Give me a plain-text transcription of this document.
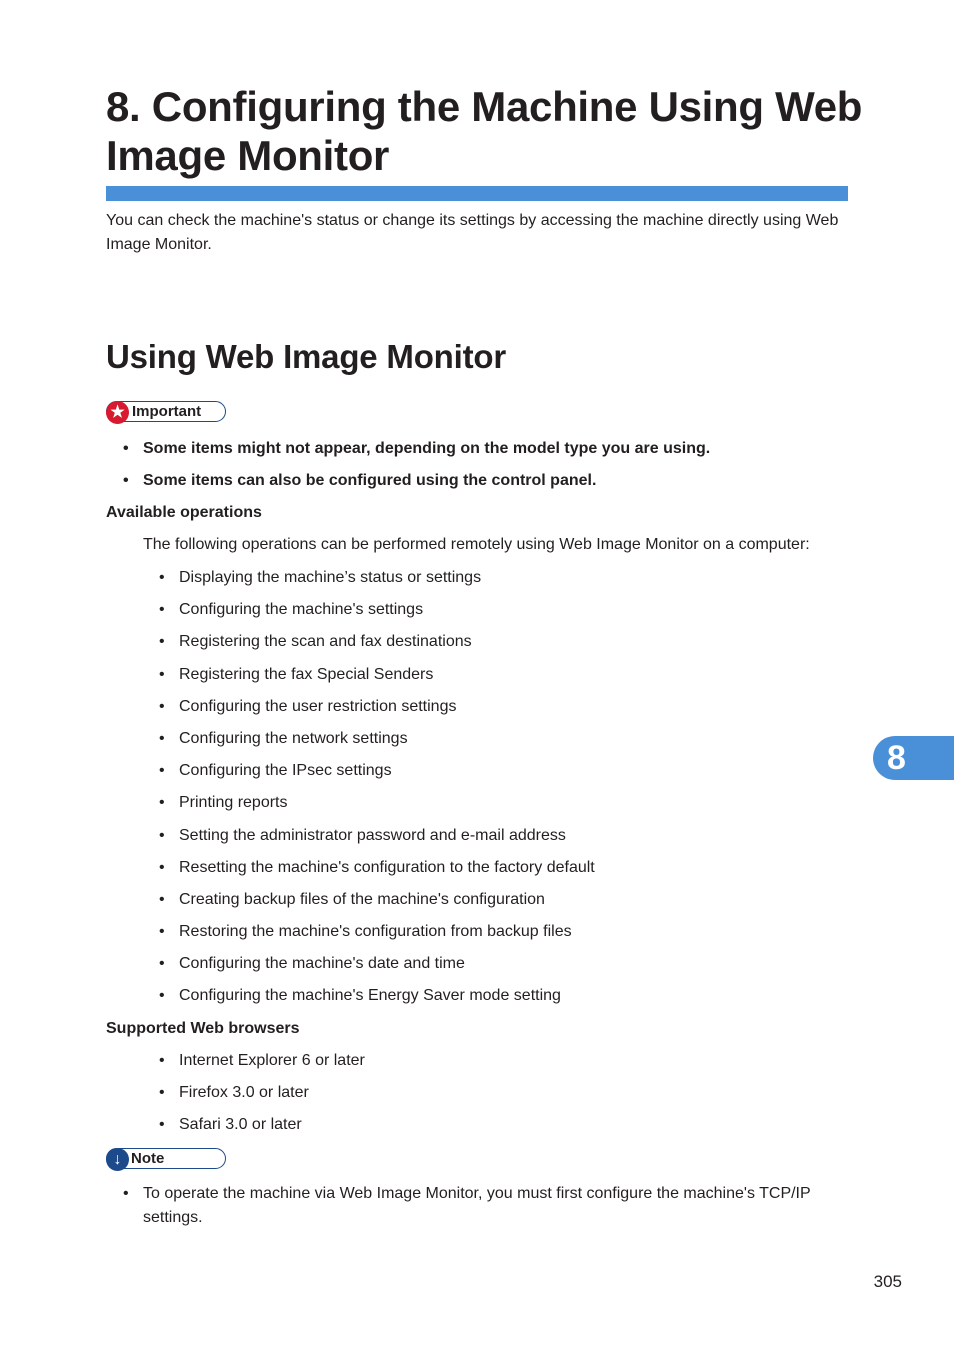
8. Configuring the Machine Using Web Image Monitor

You can check the machine's status or change its settings by accessing the machine directly using Web Image Monitor.

Using Web Image Monitor
★ Important
• Some items might not appear, depending on the model type you are using.
• Some items can also be configured using the control panel.

Available operations

The following operations can be performed remotely using Web Image Monitor on a computer:

• Displaying the machine’s status or settings
• Configuring the machine's settings
• Registering the scan and fax destinations
• Registering the fax Special Senders
• Configuring the user restriction settings
• Configuring the network settings
• Configuring the IPsec settings
• Printing reports
• Setting the administrator password and e-mail address
• Resetting the machine's configuration to the factory default
• Creating backup files of the machine's configuration
• Restoring the machine's configuration from backup files
• Configuring the machine's date and time
• Configuring the machine's Energy Saver mode setting

Supported Web browsers

• Internet Explorer 6 or later
• Firefox 3.0 or later
• Safari 3.0 or later
↓ Note
• To operate the machine via Web Image Monitor, you must first configure the machine's TCP/IP settings.
8
305
